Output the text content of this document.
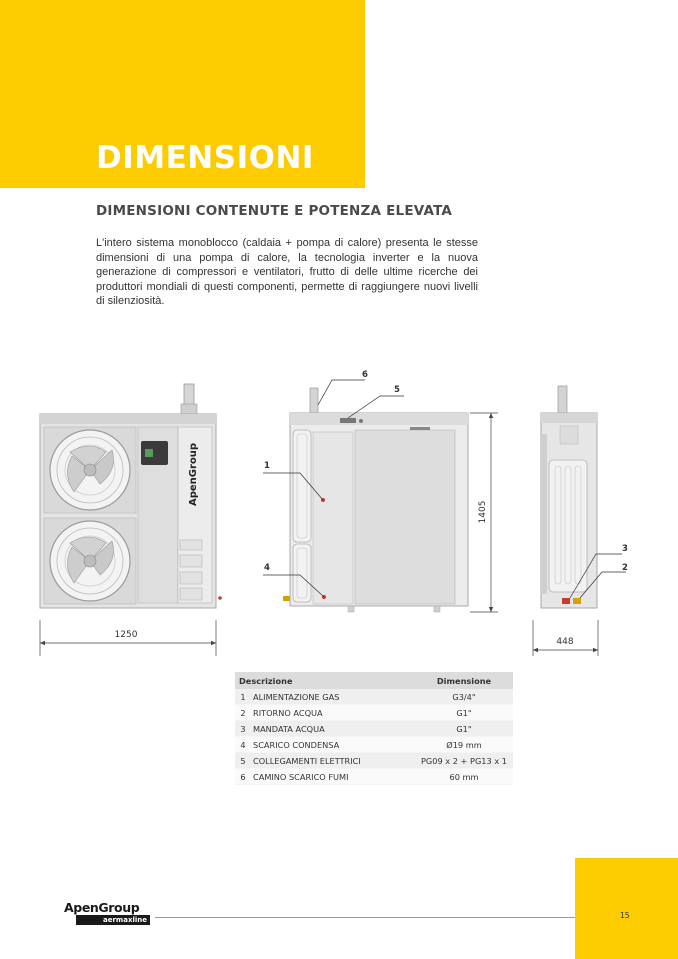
DIMENSIONI
DIMENSIONI CONTENUTE E POTENZA ELEVATA

L'intero sistema monoblocco (caldaia + pompa di calore) presenta le stesse dimensioni di una pompa di calore, la tecnologia inverter e la nuova generazione di compressori e ventilatori, frutto di delle ultime ricerche dei produttori mondiali di questi componenti, permette di raggiungere nuovi livelli di silenziosità.

ApenGroup
1250
6
5
1
4
1405
3
2
448
Descrizione		Dimensione
1	ALIMENTAZIONE GAS	G3/4"
2	RITORNO ACQUA	G1"
3	MANDATA ACQUA	G1"
4	SCARICO CONDENSA	Ø19 mm
5	COLLEGAMENTI ELETTRICI	PG09 x 2 + PG13 x 1
6	CAMINO SCARICO FUMI	60 mm
ApenGroup
aermaxline	15
